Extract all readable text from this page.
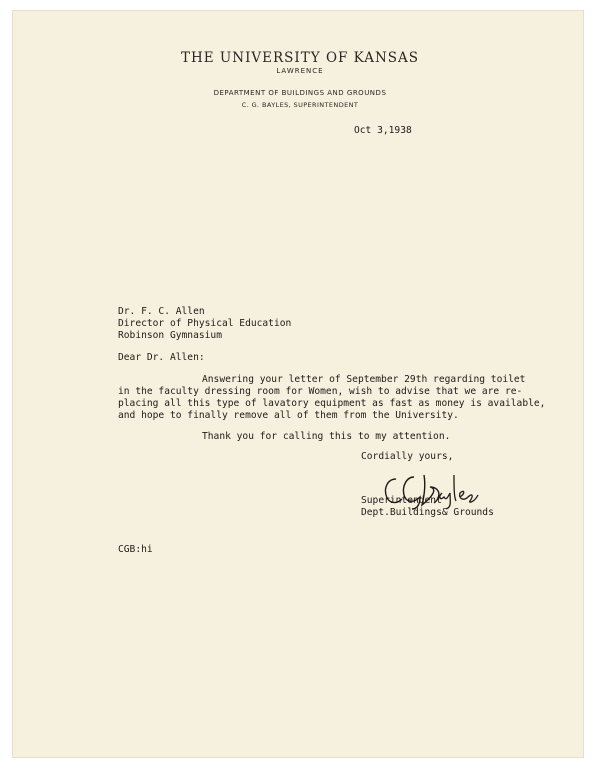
THE UNIVERSITY OF KANSAS
LAWRENCE
DEPARTMENT OF BUILDINGS AND GROUNDS
C. G. BAYLES, SUPERINTENDENT
Oct 3,1938
Dr. F. C. Allen
Director of Physical Education
Robinson Gymnasium
Dear Dr. Allen:
Answering your letter of September 29th regarding toilet
in the faculty dressing room for Women, wish to advise that we are re-
placing all this type of lavatory equipment as fast as money is available,
and hope to finally remove all of them from the University.
Thank you for calling this to my attention.
Cordially yours,
Superintendent
Dept.Buildings& Grounds
CGB:hi
